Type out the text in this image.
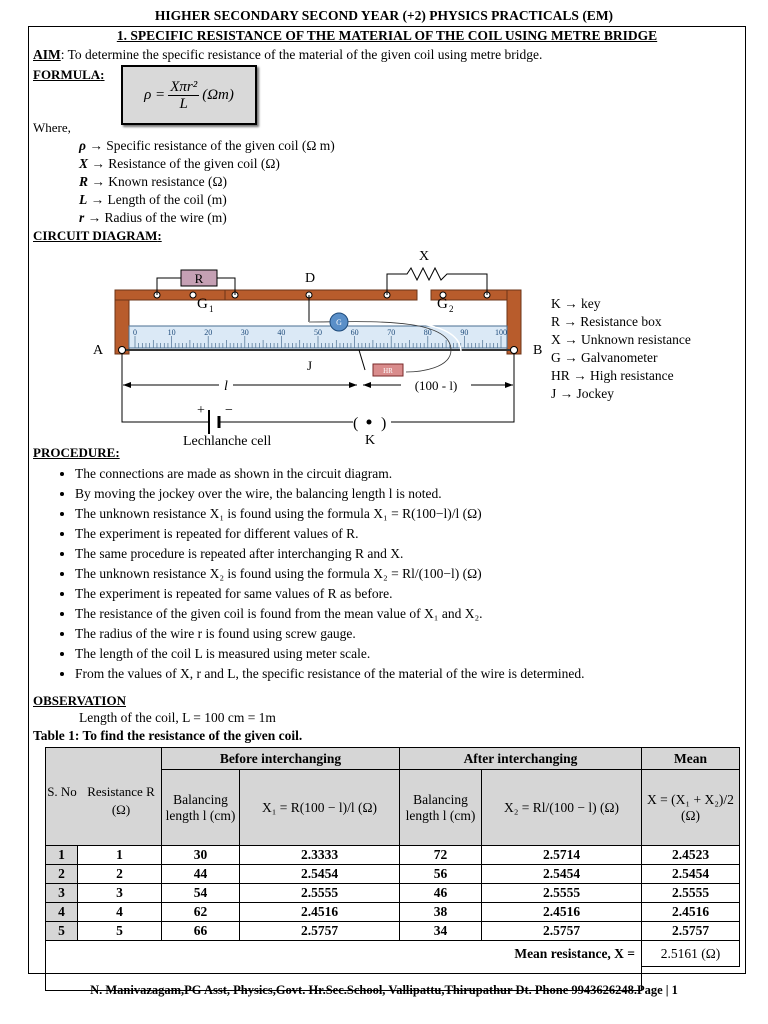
HIGHER SECONDARY SECOND YEAR (+2) PHYSICS PRACTICALS (EM)
1. SPECIFIC RESISTANCE OF THE MATERIAL OF THE COIL USING METRE BRIDGE
AIM: To determine the specific resistance of the material of the given coil using metre bridge.
FORMULA:
$\rho = \frac{\text{Xπr²}}{L} (\Omega m)$
Where,
ρ → Specific resistance of the given coil (Ω m)
X → Resistance of the given coil (Ω)
R → Known resistance (Ω)
L → Length of the coil (m)
r → Radius of the wire (m)
CIRCUIT DIAGRAM:
0	10	20	30	40	50	60	70	80	90	100
R
G 1	G 2
D
X
G
HR
J
A	B
l	(100 - l)
+ −
( )
K
Lechlanche cell
K → key
R → Resistance box
X → Unknown resistance
G → Galvanometer
HR → High resistance
J → Jockey
PROCEDURE:
• The connections are made as shown in the circuit diagram.
• By moving the jockey over the wire, the balancing length l is noted.
• The unknown resistance X₁ is found using the formula X₁ = R(100−l)/l (Ω)
• The experiment is repeated for different values of R.
• The same procedure is repeated after interchanging R and X.
• The unknown resistance X₂ is found using the formula X₂ = Rl/(100−l) (Ω)
• The experiment is repeated for same values of R as before.
• The resistance of the given coil is found from the mean value of X₁ and X₂.
• The radius of the wire r is found using screw gauge.
• The length of the coil L is measured using meter scale.
• From the values of X, r and L, the specific resistance of the material of the wire is determined.
OBSERVATION
Length of the coil, L = 100 cm = 1m
Table 1: To find the resistance of the given coil.
		Before interchanging		After interchanging		Mean
		Balancing length l (cm)	X₁ = R(100 − l)/l (Ω)	Balancing length l (cm)	X₂ = Rl/(100 − l) (Ω)	X = (X₁ + X₂)/2 (Ω)
1	1	30	2.3333	72	2.5714	2.4523
2	2	44	2.5454	56	2.5454	2.5454
3	3	54	2.5555	46	2.5555	2.5555
4	4	62	2.4516	38	2.4516	2.4516
5	5	66	2.5757	34	2.5757	2.5757
Mean resistance, X =						2.5161 (Ω)

S. No Resistance R (Ω)
N. Manivazagam,PG Asst, Physics,Govt. Hr.Sec.School, Vallipattu,Thirupathur Dt. Phone 9943626248.Page | 1
